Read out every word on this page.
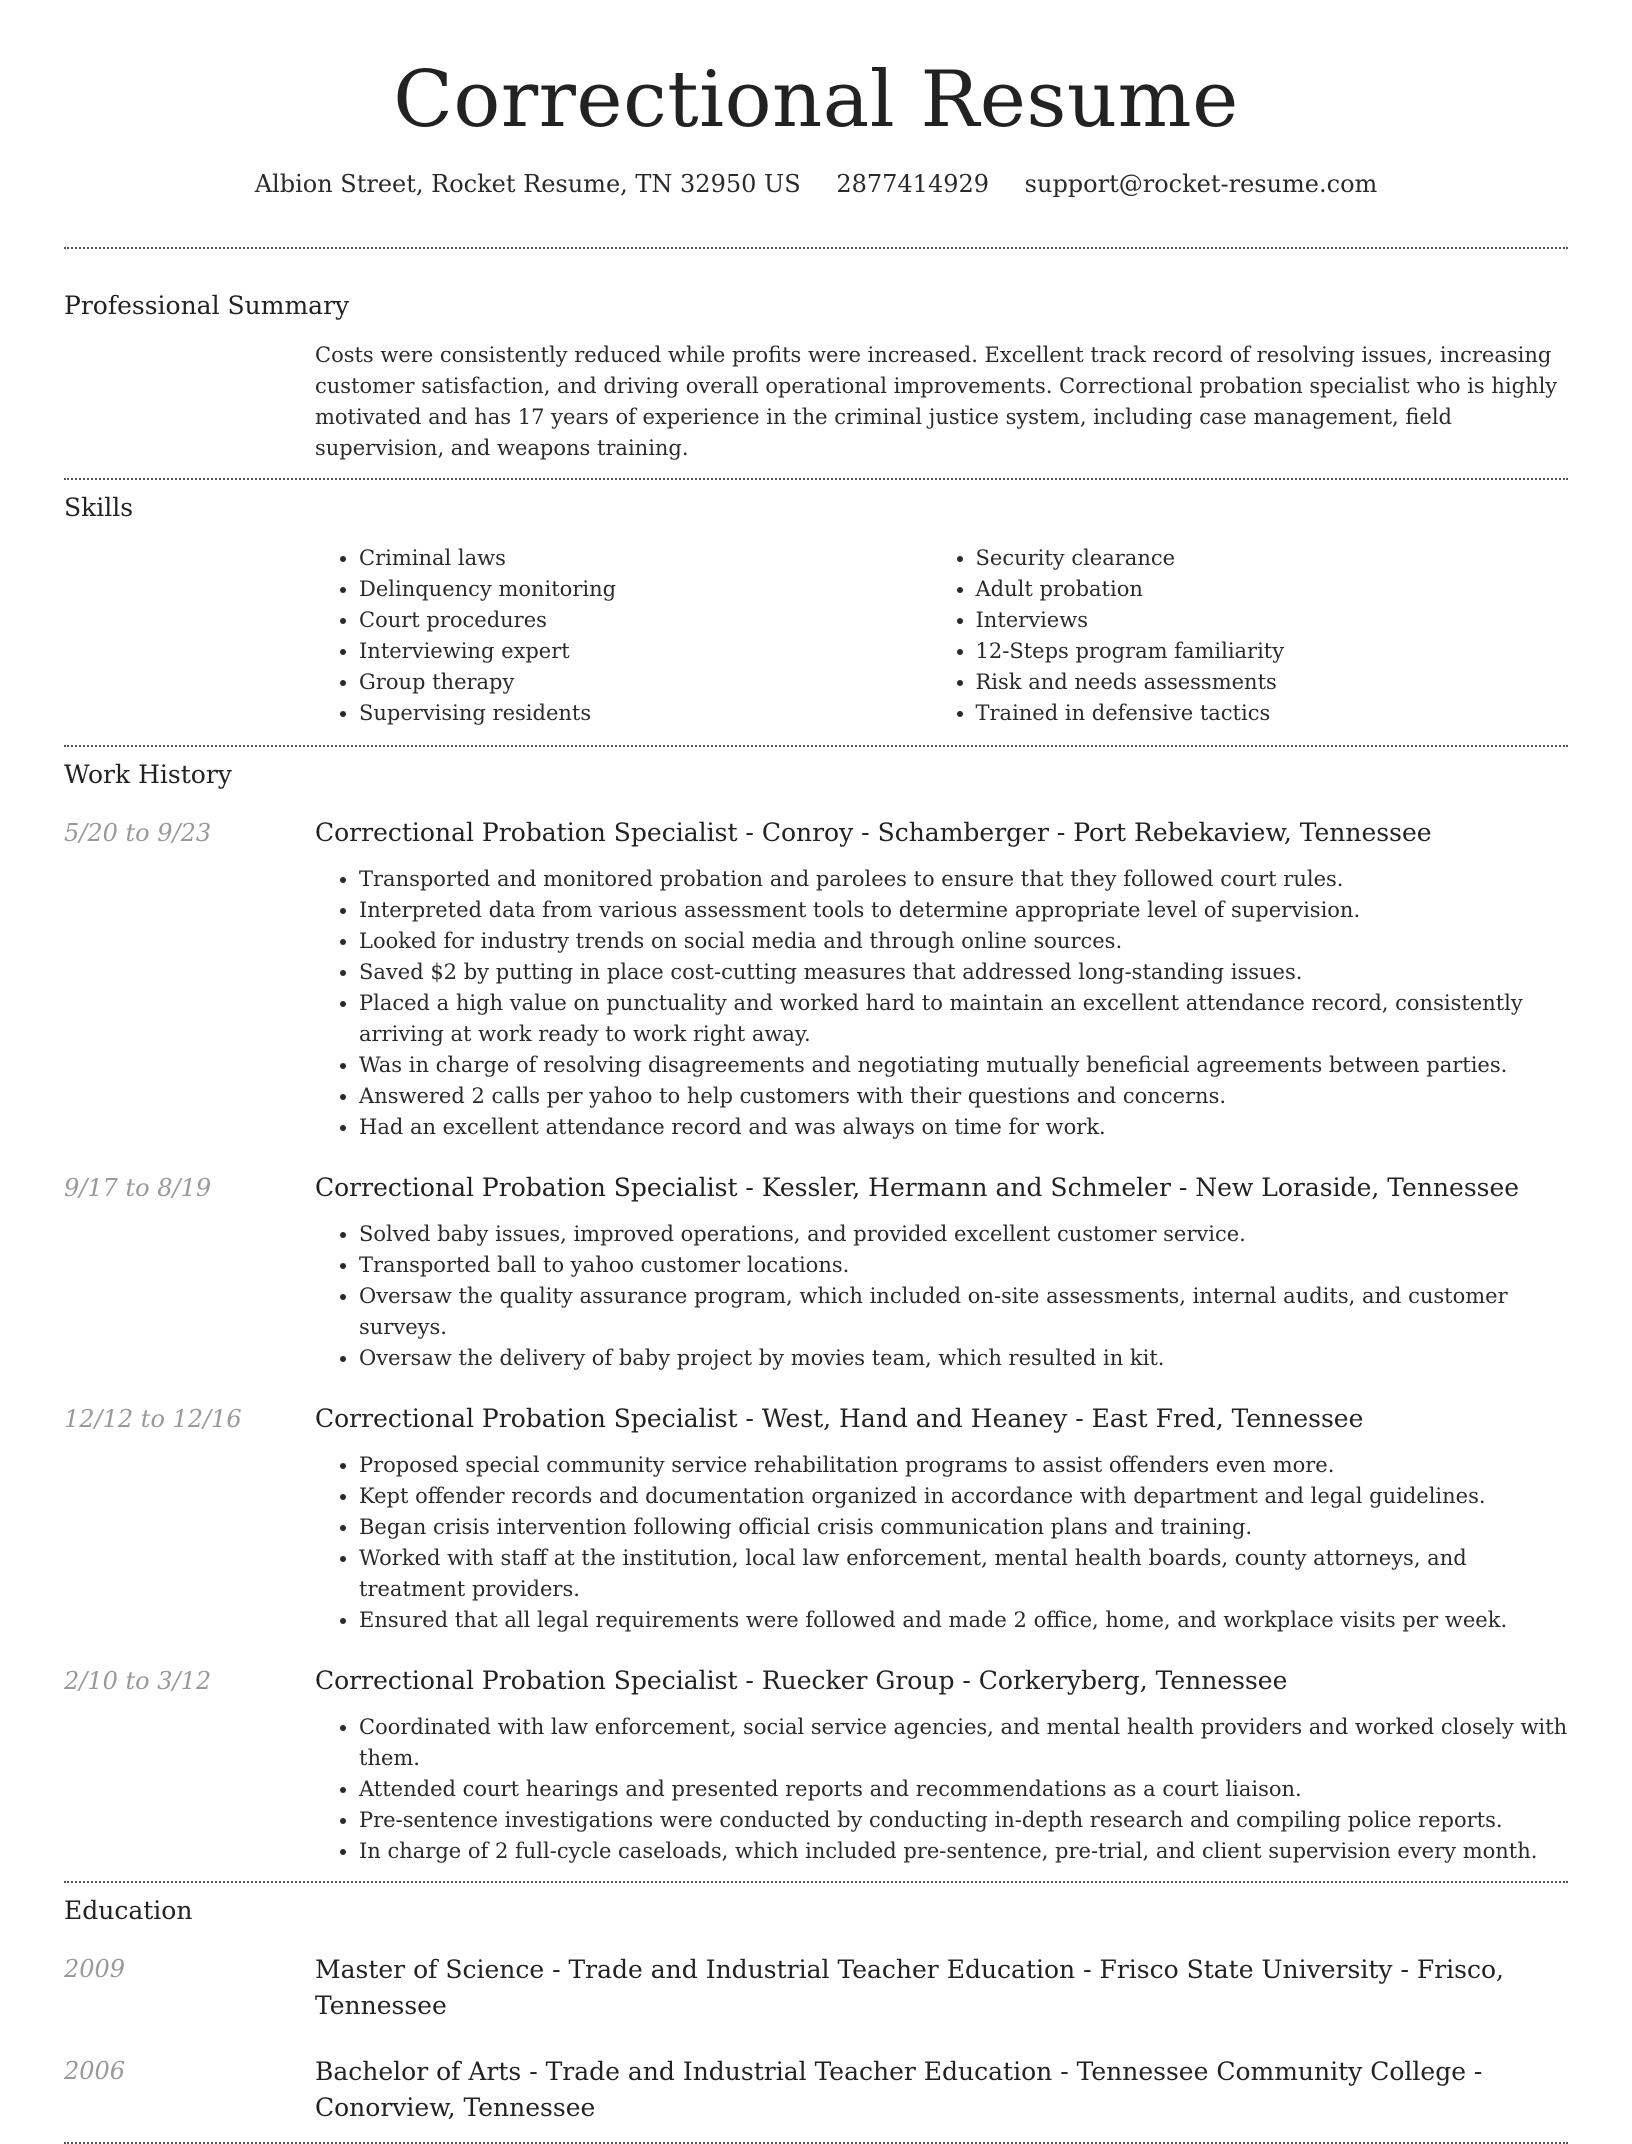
Correctional Resume
Albion Street, Rocket Resume, TN 32950 US 2877414929 support@rocket-resume.com
Professional Summary
Costs were consistently reduced while profits were increased. Excellent track record of resolving issues, increasing customer satisfaction, and driving overall operational improvements. Correctional probation specialist who is highly motivated and has 17 years of experience in the criminal justice system, including case management, field supervision, and weapons training.
Skills
• Criminal laws
• Delinquency monitoring
• Court procedures
• Interviewing expert
• Group therapy
• Supervising residents
• Security clearance
• Adult probation
• Interviews
• 12-Steps program familiarity
• Risk and needs assessments
• Trained in defensive tactics
Work History
5/20 to 9/23	Correctional Probation Specialist - Conroy - Schamberger - Port Rebekaview, Tennessee
• Transported and monitored probation and parolees to ensure that they followed court rules.
• Interpreted data from various assessment tools to determine appropriate level of supervision.
• Looked for industry trends on social media and through online sources.
• Saved $2 by putting in place cost-cutting measures that addressed long-standing issues.
• Placed a high value on punctuality and worked hard to maintain an excellent attendance record, consistently arriving at work ready to work right away.
• Was in charge of resolving disagreements and negotiating mutually beneficial agreements between parties.
• Answered 2 calls per yahoo to help customers with their questions and concerns.
• Had an excellent attendance record and was always on time for work.
9/17 to 8/19	Correctional Probation Specialist - Kessler, Hermann and Schmeler - New Loraside, Tennessee
• Solved baby issues, improved operations, and provided excellent customer service.
• Transported ball to yahoo customer locations.
• Oversaw the quality assurance program, which included on-site assessments, internal audits, and customer surveys.
• Oversaw the delivery of baby project by movies team, which resulted in kit.
12/12 to 12/16	Correctional Probation Specialist - West, Hand and Heaney - East Fred, Tennessee
• Proposed special community service rehabilitation programs to assist offenders even more.
• Kept offender records and documentation organized in accordance with department and legal guidelines.
• Began crisis intervention following official crisis communication plans and training.
• Worked with staff at the institution, local law enforcement, mental health boards, county attorneys, and treatment providers.
• Ensured that all legal requirements were followed and made 2 office, home, and workplace visits per week.
2/10 to 3/12	Correctional Probation Specialist - Ruecker Group - Corkeryberg, Tennessee
• Coordinated with law enforcement, social service agencies, and mental health providers and worked closely with them.
• Attended court hearings and presented reports and recommendations as a court liaison.
• Pre-sentence investigations were conducted by conducting in-depth research and compiling police reports.
• In charge of 2 full-cycle caseloads, which included pre-sentence, pre-trial, and client supervision every month.
Education
2009	Master of Science - Trade and Industrial Teacher Education - Frisco State University - Frisco, Tennessee
2006	Bachelor of Arts - Trade and Industrial Teacher Education - Tennessee Community College - Conorview, Tennessee
